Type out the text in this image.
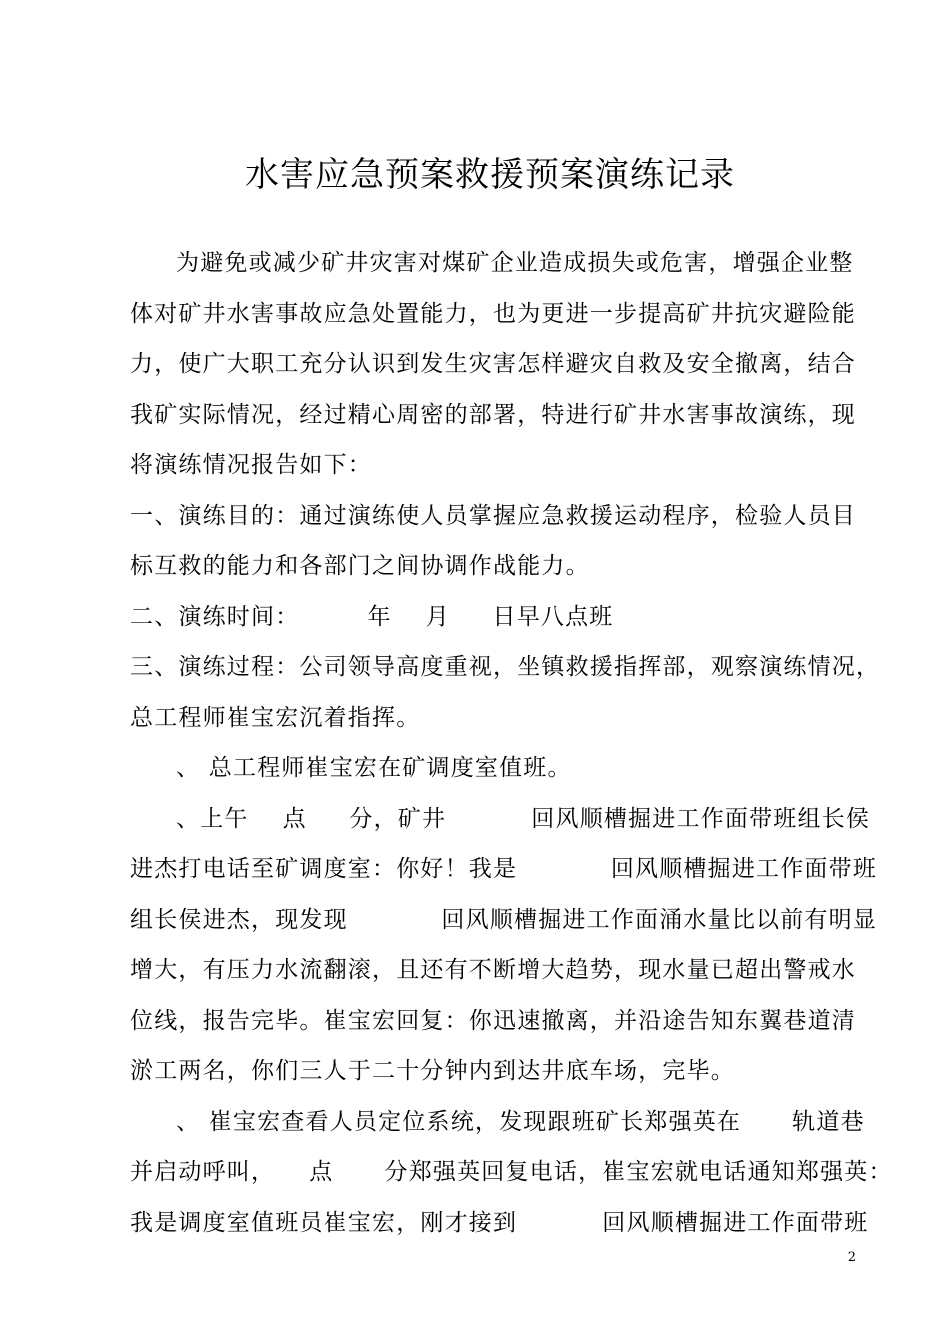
水害应急预案救援预案演练记录
为避免或减少矿井灾害对煤矿企业造成损失或危害，增强企业整
体对矿井水害事故应急处置能力，也为更进一步提高矿井抗灾避险能
力，使广大职工充分认识到发生灾害怎样避灾自救及安全撤离，结合
我矿实际情况，经过精心周密的部署，特进行矿井水害事故演练，现
将演练情况报告如下：
一、演练目的：通过演练使人员掌握应急救援运动程序，检验人员目
标互救的能力和各部门之间协调作战能力。
二、演练时间：        年    月     日早八点班
三、演练过程：公司领导高度重视，坐镇救援指挥部，观察演练情况，
总工程师崔宝宏沉着指挥。
、 总工程师崔宝宏在矿调度室值班。
、上午    点     分，矿井          回风顺槽掘进工作面带班组长侯
进杰打电话至矿调度室：你好！我是           回风顺槽掘进工作面带班
组长侯进杰，现发现           回风顺槽掘进工作面涌水量比以前有明显
增大，有压力水流翻滚，且还有不断增大趋势，现水量已超出警戒水
位线，报告完毕。崔宝宏回复：你迅速撤离，并沿途告知东翼巷道清
淤工两名，你们三人于二十分钟内到达井底车场，完毕。
、 崔宝宏查看人员定位系统，发现跟班矿长郑强英在      轨道巷
并启动呼叫，    点      分郑强英回复电话，崔宝宏就电话通知郑强英：
我是调度室值班员崔宝宏，刚才接到          回风顺槽掘进工作面带班
2
